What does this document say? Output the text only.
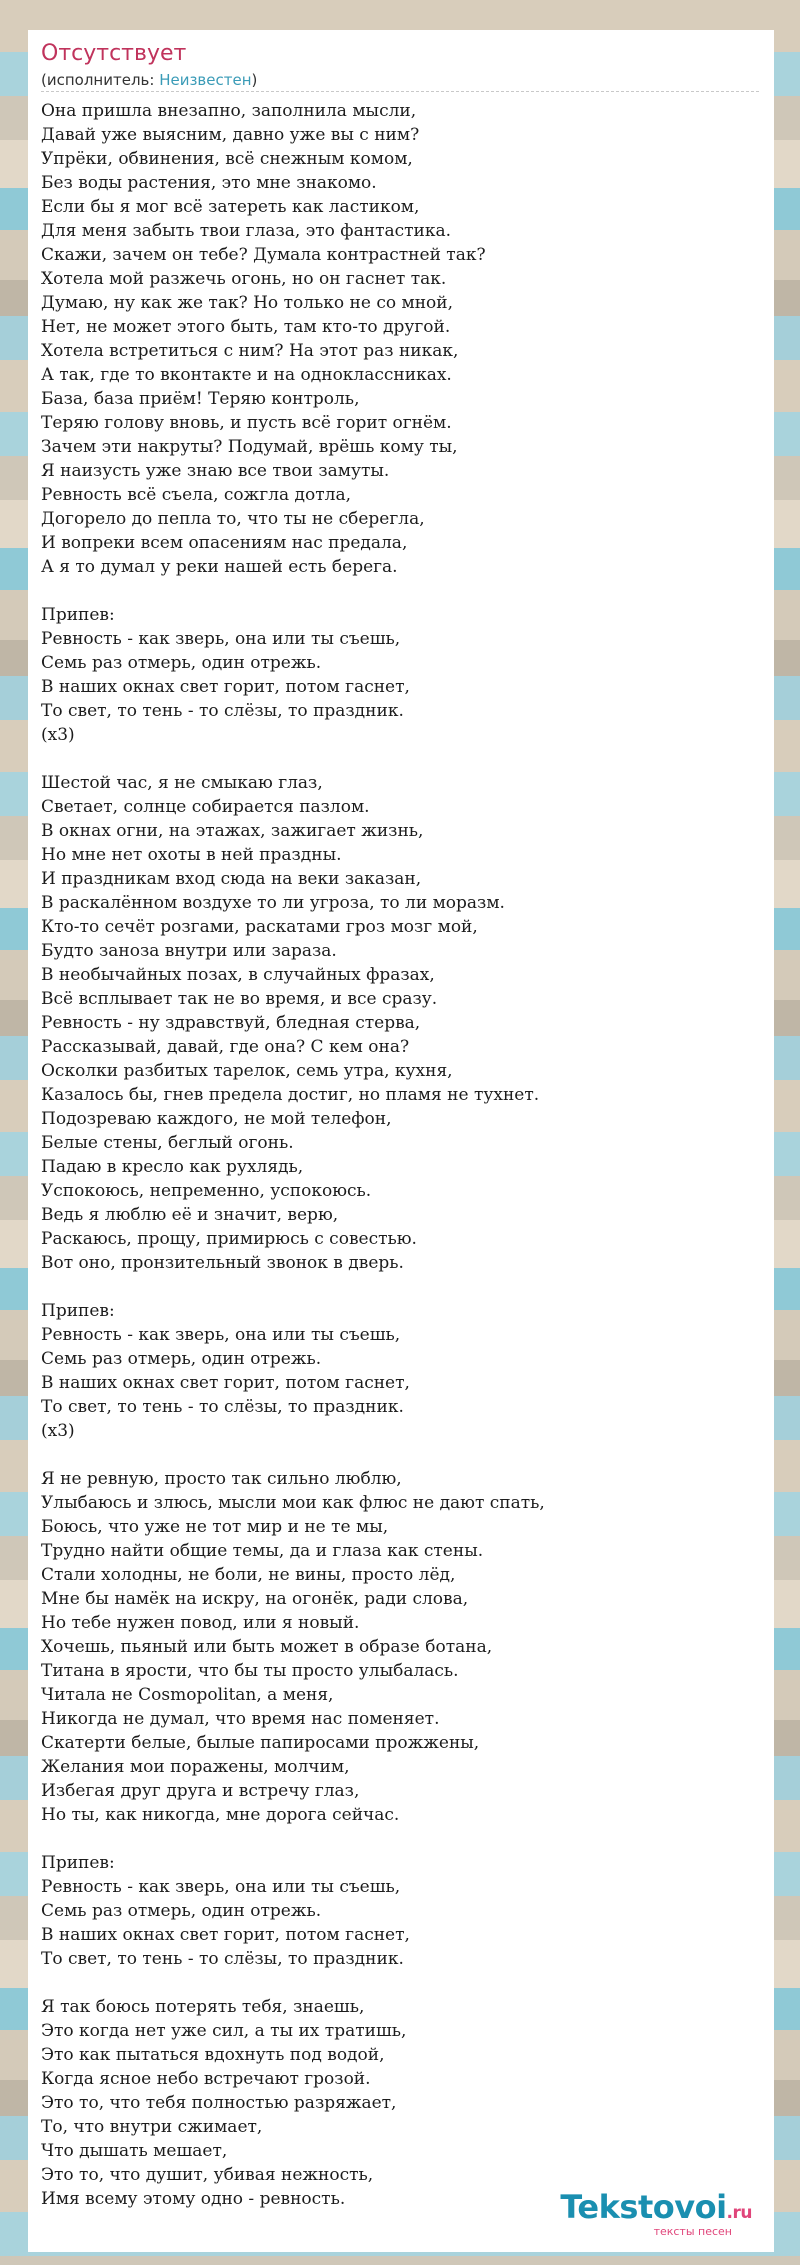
Отсутствует
(исполнитель: Неизвестен)
Она пришла внезапно, заполнила мысли,
Давай уже выясним, давно уже вы с ним?
Упрёки, обвинения, всё снежным комом,
Без воды растения, это мне знакомо.
Если бы я мог всё затереть как ластиком,
Для меня забыть твои глаза, это фантастика.
Скажи, зачем он тебе? Думала контрастней так?
Хотела мой разжечь огонь, но он гаснет так.
Думаю, ну как же так? Но только не со мной,
Нет, не может этого быть, там кто-то другой.
Хотела встретиться с ним? На этот раз никак,
А так, где то вконтакте и на одноклассниках.
База, база приём! Теряю контроль,
Теряю голову вновь, и пусть всё горит огнём.
Зачем эти накруты? Подумай, врёшь кому ты,
Я наизусть уже знаю все твои замуты.
Ревность всё съела, сожгла дотла,
Догорело до пепла то, что ты не сберегла,
И вопреки всем опасениям нас предала,
А я то думал у реки нашей есть берега.
Припев:
Ревность - как зверь, она или ты съешь,
Семь раз отмерь, один отрежь.
В наших окнах свет горит, потом гаснет,
То свет, то тень - то слёзы, то праздник.
(x3)
Шестой час, я не смыкаю глаз,
Светает, солнце собирается пазлом.
В окнах огни, на этажах, зажигает жизнь,
Но мне нет охоты в ней праздны.
И праздникам вход сюда на веки заказан,
В раскалённом воздухе то ли угроза, то ли моразм.
Кто-то сечёт розгами, раскатами гроз мозг мой,
Будто заноза внутри или зараза.
В необычайных позах, в случайных фразах,
Всё всплывает так не во время, и все сразу.
Ревность - ну здравствуй, бледная стерва,
Рассказывай, давай, где она? С кем она?
Осколки разбитых тарелок, семь утра, кухня,
Казалось бы, гнев предела достиг, но пламя не тухнет.
Подозреваю каждого, не мой телефон,
Белые стены, беглый огонь.
Падаю в кресло как рухлядь,
Успокоюсь, непременно, успокоюсь.
Ведь я люблю её и значит, верю,
Раскаюсь, прощу, примирюсь с совестью.
Вот оно, пронзительный звонок в дверь.
Припев:
Ревность - как зверь, она или ты съешь,
Семь раз отмерь, один отрежь.
В наших окнах свет горит, потом гаснет,
То свет, то тень - то слёзы, то праздник.
(x3)
Я не ревную, просто так сильно люблю,
Улыбаюсь и злюсь, мысли мои как флюс не дают спать,
Боюсь, что уже не тот мир и не те мы,
Трудно найти общие темы, да и глаза как стены.
Стали холодны, не боли, не вины, просто лёд,
Мне бы намёк на искру, на огонёк, ради слова,
Но тебе нужен повод, или я новый.
Хочешь, пьяный или быть может в образе ботана,
Титана в ярости, что бы ты просто улыбалась.
Читала не Cosmopolitan, а меня,
Никогда не думал, что время нас поменяет.
Скатерти белые, былые папиросами прожжены,
Желания мои поражены, молчим,
Избегая друг друга и встречу глаз,
Но ты, как никогда, мне дорога сейчас.
Припев:
Ревность - как зверь, она или ты съешь,
Семь раз отмерь, один отрежь.
В наших окнах свет горит, потом гаснет,
То свет, то тень - то слёзы, то праздник.
Я так боюсь потерять тебя, знаешь,
Это когда нет уже сил, а ты их тратишь,
Это как пытаться вдохнуть под водой,
Когда ясное небо встречают грозой.
Это то, что тебя полностью разряжает,
То, что внутри сжимает,
Что дышать мешает,
Это то, что душит, убивая нежность,
Имя всему этому одно - ревность.	Tekstovoi.ru
тексты песен
